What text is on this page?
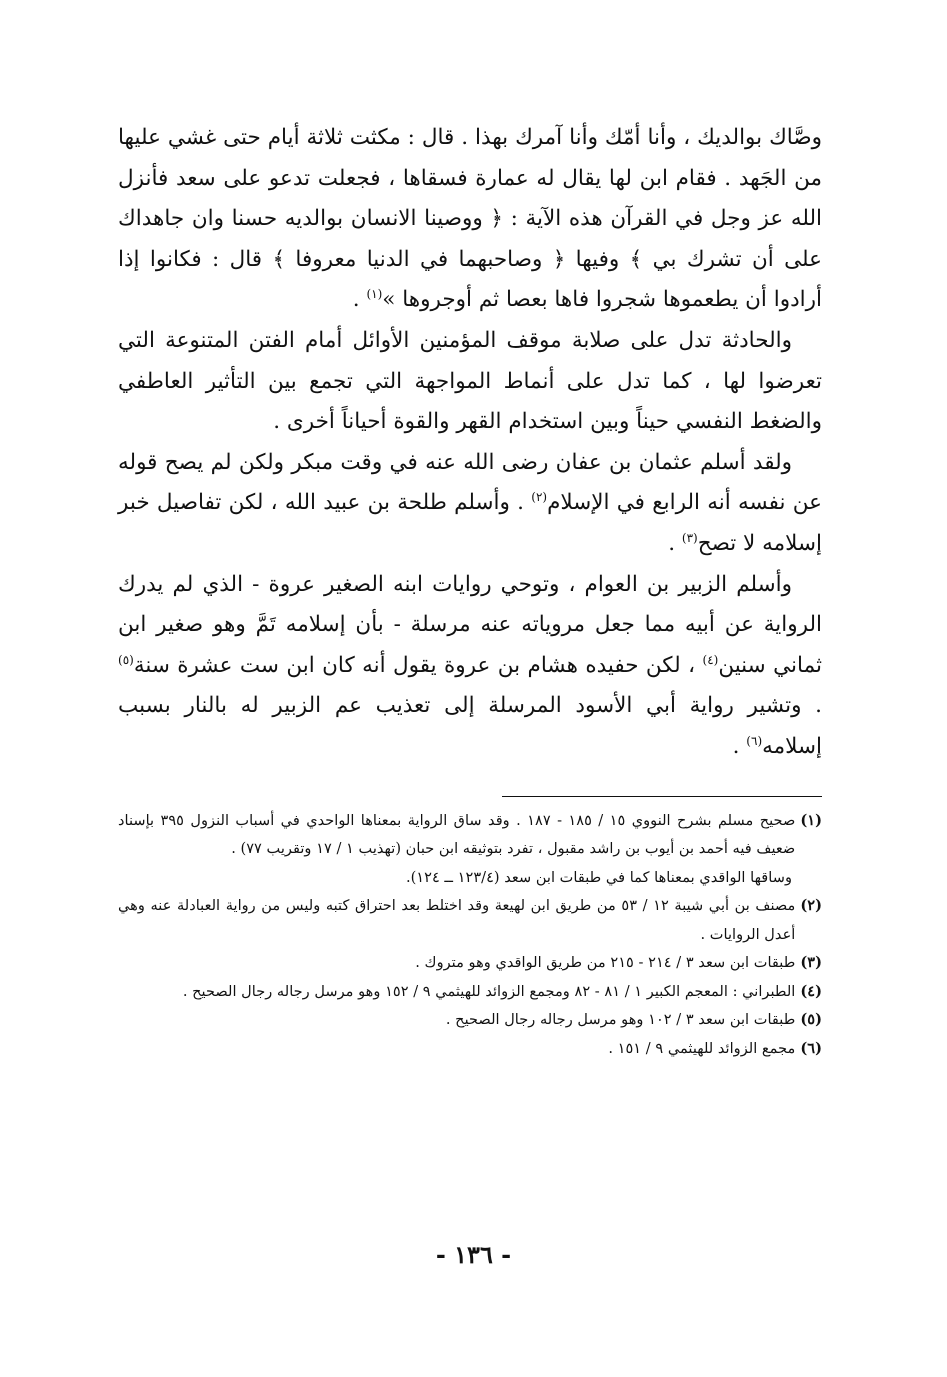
وصَّاك بوالديك ، وأنا أمّك وأنا آمرك بهذا . قال : مكثت ثلاثة أيام حتى غشي عليها من الجَهد . فقام ابن لها يقال له عمارة فسقاها ، فجعلت تدعو على سعد فأنزل الله عز وجل في القرآن هذه الآية : ﴿ ووصينا الانسان بوالديه حسنا وان جاهداك على أن تشرك بي ﴾ وفيها ﴿ وصاحبهما في الدنيا معروفا ﴾ قال : فكانوا إذا أرادوا أن يطعموها شجروا فاها بعصا ثم أوجروها »$^{(١)}$ .

والحادثة تدل على صلابة موقف المؤمنين الأوائل أمام الفتن المتنوعة التي تعرضوا لها ، كما تدل على أنماط المواجهة التي تجمع بين التأثير العاطفي والضغط النفسي حيناً وبين استخدام القهر والقوة أحياناً أخرى .

ولقد أسلم عثمان بن عفان رضى الله عنه في وقت مبكر ولكن لم يصح قوله عن نفسه أنه الرابع في الإسلام$^{(٢)}$ . وأسلم طلحة بن عبيد الله ، لكن تفاصيل خبر إسلامه لا تصح$^{(٣)}$ .

وأسلم الزبير بن العوام ، وتوحي روايات ابنه الصغير عروة - الذي لم يدرك الرواية عن أبيه مما جعل مروياته عنه مرسلة - بأن إسلامه تَمَّ وهو صغير ابن ثماني سنين$^{(٤)}$ ، لكن حفيده هشام بن عروة يقول أنه كان ابن ست عشرة سنة$^{(٥)}$ . وتشير رواية أبي الأسود المرسلة إلى تعذيب عم الزبير له بالنار بسبب إسلامه$^{(٦)}$ .

(١)
صحيح مسلم بشرح النووي ١٥ / ١٨٥ - ١٨٧ . وقد ساق الرواية بمعناها الواحدي في أسباب النزول ٣٩٥ بإسناد ضعيف فيه أحمد بن أيوب بن راشد مقبول ، تفرد بتوثيقه ابن حبان (تهذيب ١ / ١٧ وتقريب ٧٧) .
وساقها الواقدي بمعناها كما في طبقات ابن سعد (١٢٣/٤ ــ ١٢٤).
(٢)
مصنف بن أبي شيبة ١٢ / ٥٣ من طريق ابن لهيعة وقد اختلط بعد احتراق كتبه وليس من رواية العبادلة عنه وهي أعدل الروايات .
(٣)
طبقات ابن سعد ٣ / ٢١٤ - ٢١٥ من طريق الواقدي وهو متروك .
(٤)
الطبراني : المعجم الكبير ١ / ٨١ - ٨٢ ومجمع الزوائد للهيثمي ٩ / ١٥٢ وهو مرسل رجاله رجال الصحيح .
(٥)
طبقات ابن سعد ٣ / ١٠٢ وهو مرسل رجاله رجال الصحيح .
(٦)
مجمع الزوائد للهيثمي ٩ / ١٥١ .
- ١٣٦ -
